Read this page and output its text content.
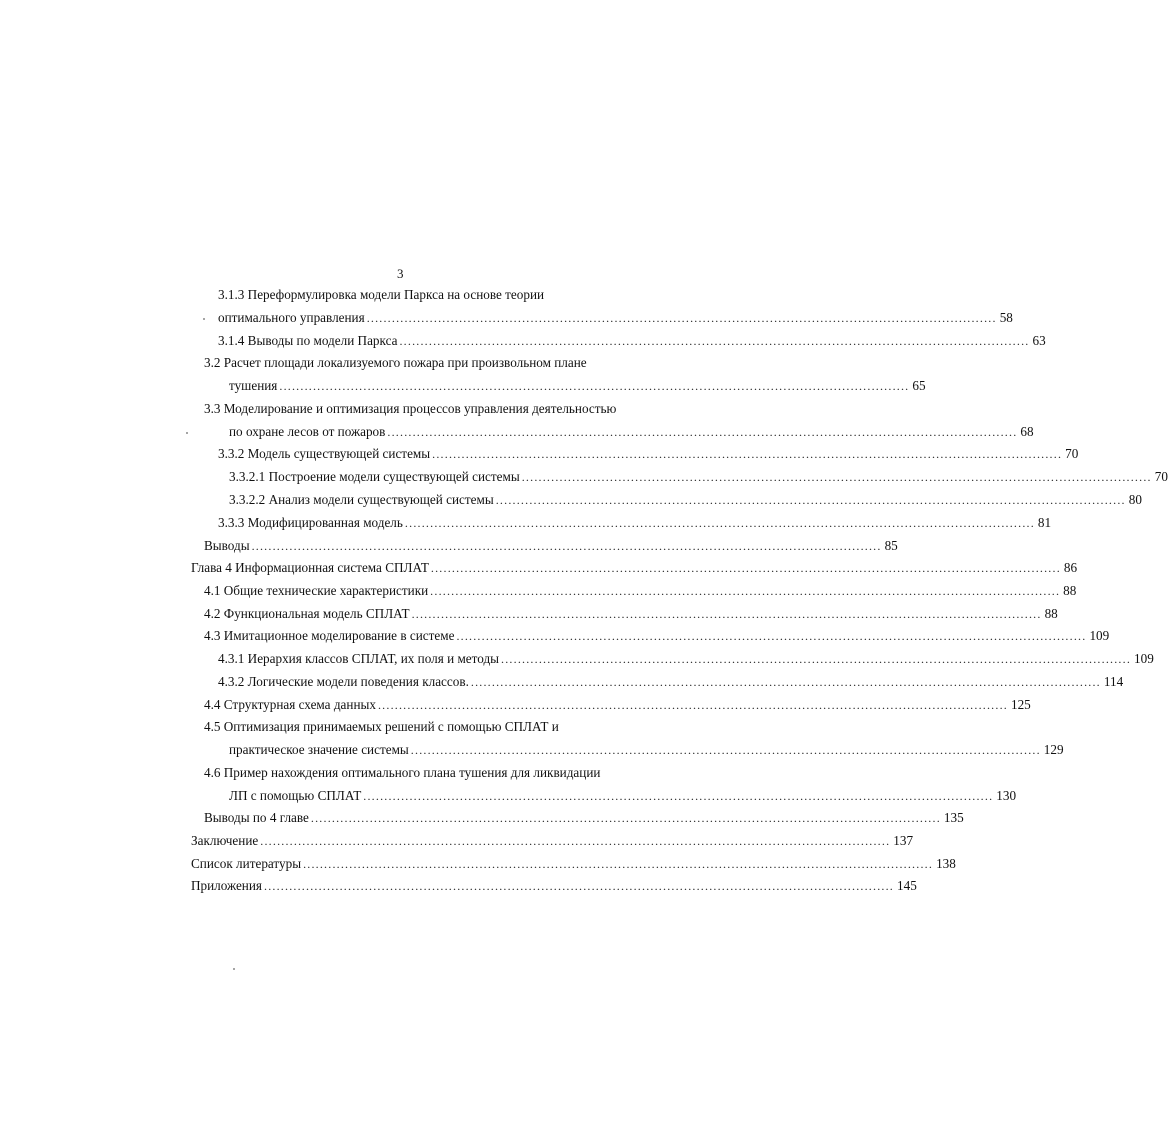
3
3.1.3 Переформулировка модели Паркса на основе теории
оптимального управления ...................................................................................................................................................... 58
3.1.4 Выводы по модели Паркса ...................................................................................................................................................... 63
3.2 Расчет площади локализуемого пожара при произвольном плане
тушения ...................................................................................................................................................... 65
3.3 Моделирование и оптимизация процессов управления деятельностью
по охране лесов от пожаров ...................................................................................................................................................... 68
3.3.2 Модель существующей системы ...................................................................................................................................................... 70
3.3.2.1 Построение модели существующей системы ...................................................................................................................................................... 70
3.3.2.2 Анализ модели существующей системы ...................................................................................................................................................... 80
3.3.3 Модифицированная модель ...................................................................................................................................................... 81
Выводы ...................................................................................................................................................... 85
Глава 4 Информационная система СПЛАТ ...................................................................................................................................................... 86
4.1 Общие технические характеристики ...................................................................................................................................................... 88
4.2 Функциональная модель СПЛАТ ...................................................................................................................................................... 88
4.3 Имитационное моделирование в системе ...................................................................................................................................................... 109
4.3.1 Иерархия классов СПЛАТ, их поля и методы ...................................................................................................................................................... 109
4.3.2 Логические модели поведения классов. ...................................................................................................................................................... 114
4.4 Структурная схема данных ...................................................................................................................................................... 125
4.5 Оптимизация принимаемых решений с помощью СПЛАТ и
практическое значение системы ...................................................................................................................................................... 129
4.6 Пример нахождения оптимального плана тушения для ликвидации
ЛП с помощью СПЛАТ ...................................................................................................................................................... 130
Выводы по 4 главе ...................................................................................................................................................... 135
Заключение ...................................................................................................................................................... 137
Список литературы ...................................................................................................................................................... 138
Приложения ...................................................................................................................................................... 145
